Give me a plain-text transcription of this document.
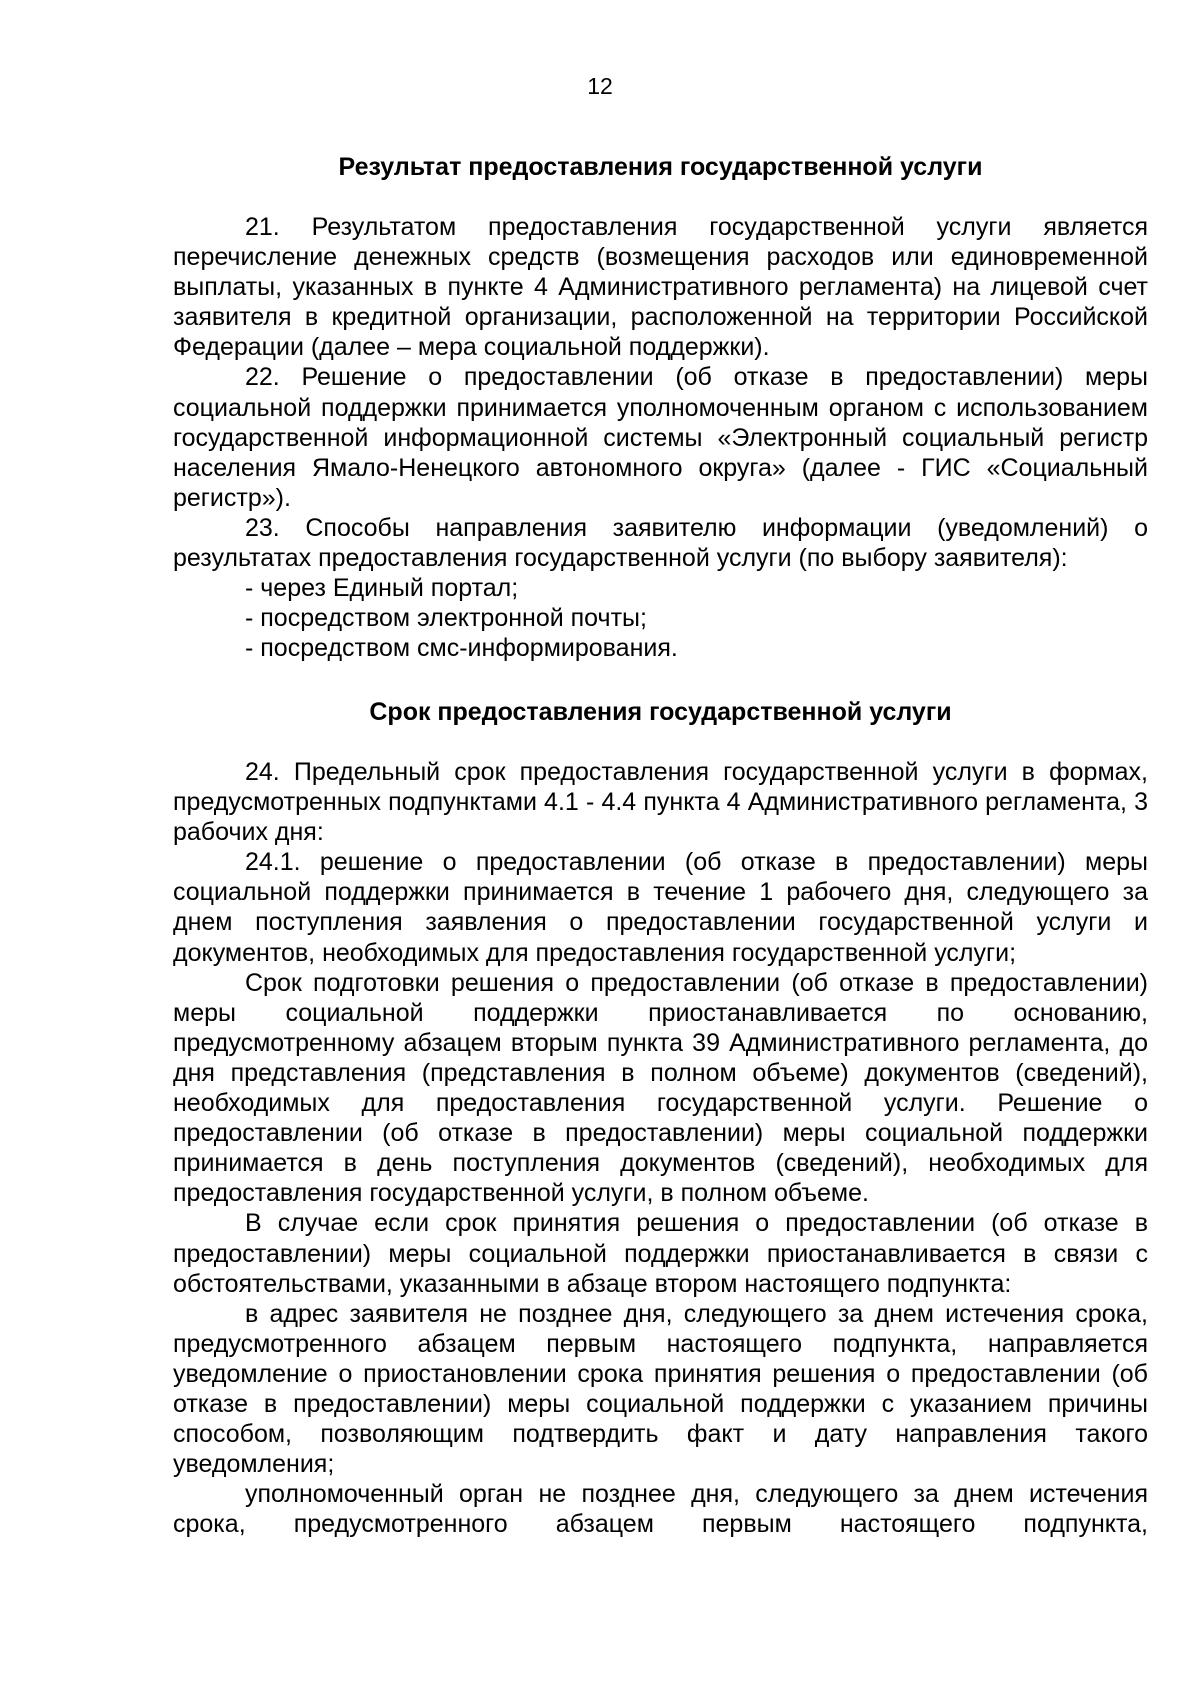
12
Результат предоставления государственной услуги

21. Результатом предоставления государственной услуги является перечисление денежных средств (возмещения расходов или единовременной выплаты, указанных в пункте 4 Административного регламента) на лицевой счет заявителя в кредитной организации, расположенной на территории Российской Федерации (далее – мера социальной поддержки).

22. Решение о предоставлении (об отказе в предоставлении) меры социальной поддержки принимается уполномоченным органом с использованием государственной информационной системы «Электронный социальный регистр населения Ямало-Ненецкого автономного округа» (далее - ГИС «Социальный регистр»).

23. Способы направления заявителю информации (уведомлений) о результатах предоставления государственной услуги (по выбору заявителя):

- через Единый портал;

- посредством электронной почты;

- посредством смс-информирования.

Срок предоставления государственной услуги

24. Предельный срок предоставления государственной услуги в формах, предусмотренных подпунктами 4.1 - 4.4 пункта 4 Административного регламента, 3 рабочих дня:

24.1. решение о предоставлении (об отказе в предоставлении) меры социальной поддержки принимается в течение 1 рабочего дня, следующего за днем поступления заявления о предоставлении государственной услуги и документов, необходимых для предоставления государственной услуги;

Срок подготовки решения о предоставлении (об отказе в предоставлении) меры социальной поддержки приостанавливается по основанию, предусмотренному абзацем вторым пункта 39 Административного регламента, до дня представления (представления в полном объеме) документов (сведений), необходимых для предоставления государственной услуги. Решение о предоставлении (об отказе в предоставлении) меры социальной поддержки принимается в день поступления документов (сведений), необходимых для предоставления государственной услуги, в полном объеме.

В случае если срок принятия решения о предоставлении (об отказе в предоставлении) меры социальной поддержки приостанавливается в связи с обстоятельствами, указанными в абзаце втором настоящего подпункта:

в адрес заявителя не позднее дня, следующего за днем истечения срока, предусмотренного абзацем первым настоящего подпункта, направляется уведомление о приостановлении срока принятия решения о предоставлении (об отказе в предоставлении) меры социальной поддержки с указанием причины способом, позволяющим подтвердить факт и дату направления такого уведомления;

уполномоченный орган не позднее дня, следующего за днем истечения срока, предусмотренного абзацем первым настоящего подпункта,
